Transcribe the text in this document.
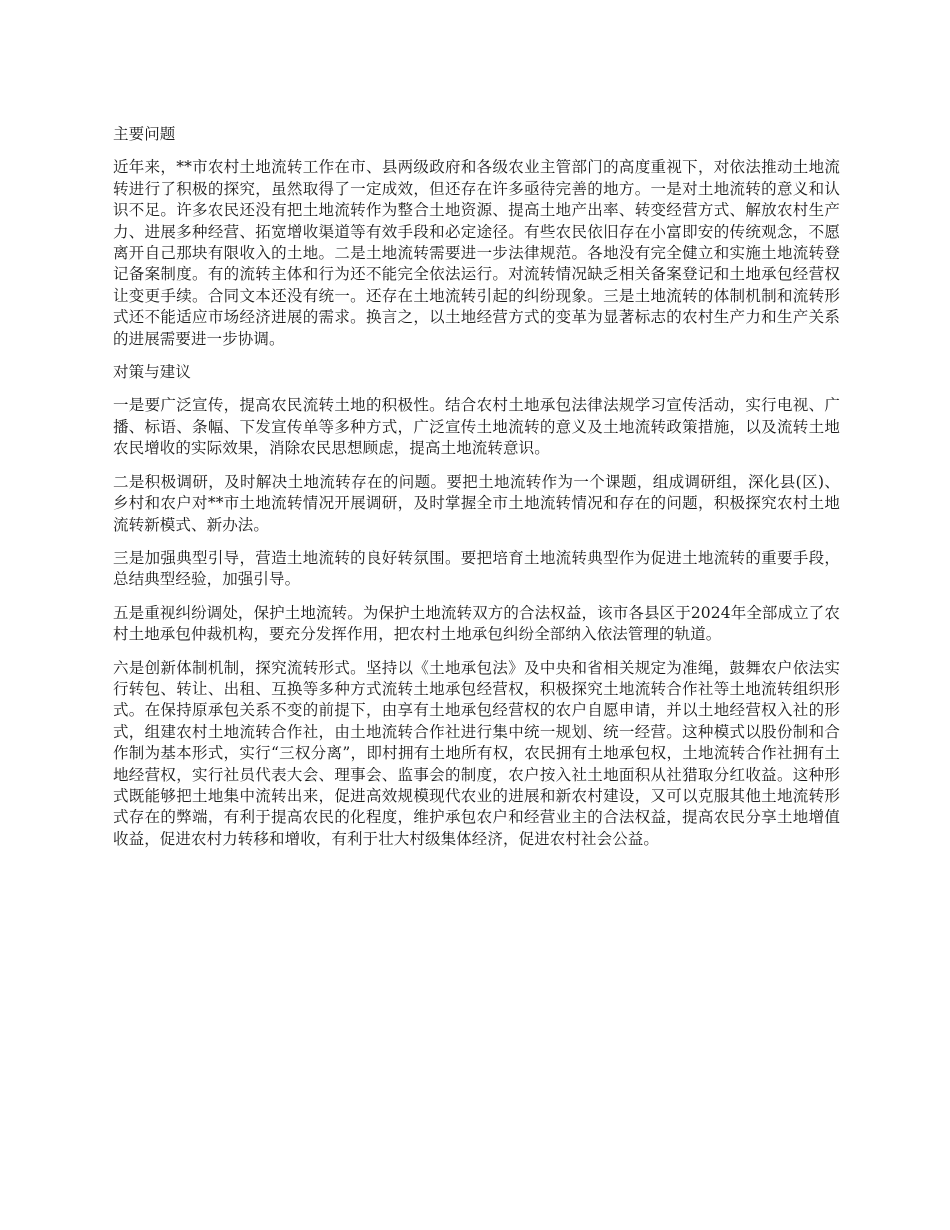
主要问题

近年来，**市农村土地流转工作在市、县两级政府和各级农业主管部门的高度重视下，对依法推动土地流转进行了积极的探究，虽然取得了一定成效，但还存在许多亟待完善的地方。一是对土地流转的意义和认识不足。许多农民还没有把土地流转作为整合土地资源、提高土地产出率、转变经营方式、解放农村生产力、进展多种经营、拓宽增收渠道等有效手段和必定途径。有些农民依旧存在小富即安的传统观念，不愿离开自己那块有限收入的土地。二是土地流转需要进一步法律规范。各地没有完全健立和实施土地流转登记备案制度。有的流转主体和行为还不能完全依法运行。对流转情况缺乏相关备案登记和土地承包经营权让变更手续。合同文本还没有统一。还存在土地流转引起的纠纷现象。三是土地流转的体制机制和流转形式还不能适应市场经济进展的需求。换言之，以土地经营方式的变革为显著标志的农村生产力和生产关系的进展需要进一步协调。

对策与建议

一是要广泛宣传，提高农民流转土地的积极性。结合农村土地承包法律法规学习宣传活动，实行电视、广播、标语、条幅、下发宣传单等多种方式，广泛宣传土地流转的意义及土地流转政策措施，以及流转土地农民增收的实际效果，消除农民思想顾虑，提高土地流转意识。

二是积极调研，及时解决土地流转存在的问题。要把土地流转作为一个课题，组成调研组，深化县(区)、乡村和农户对**市土地流转情况开展调研，及时掌握全市土地流转情况和存在的问题，积极探究农村土地流转新模式、新办法。

三是加强典型引导，营造土地流转的良好转氛围。要把培育土地流转典型作为促进土地流转的重要手段，总结典型经验，加强引导。

五是重视纠纷调处，保护土地流转。为保护土地流转双方的合法权益，该市各县区于2024年全部成立了农村土地承包仲裁机构，要充分发挥作用，把农村土地承包纠纷全部纳入依法管理的轨道。

六是创新体制机制，探究流转形式。坚持以《土地承包法》及中央和省相关规定为准绳，鼓舞农户依法实行转包、转让、出租、互换等多种方式流转土地承包经营权，积极探究土地流转合作社等土地流转组织形式。在保持原承包关系不变的前提下，由享有土地承包经营权的农户自愿申请，并以土地经营权入社的形式，组建农村土地流转合作社，由土地流转合作社进行集中统一规划、统一经营。这种模式以股份制和合作制为基本形式，实行“三权分离”，即村拥有土地所有权，农民拥有土地承包权，土地流转合作社拥有土地经营权，实行社员代表大会、理事会、监事会的制度，农户按入社土地面积从社猎取分红收益。这种形式既能够把土地集中流转出来，促进高效规模现代农业的进展和新农村建设，又可以克服其他土地流转形式存在的弊端，有利于提高农民的化程度，维护承包农户和经营业主的合法权益，提高农民分享土地增值收益，促进农村力转移和增收，有利于壮大村级集体经济，促进农村社会公益。
